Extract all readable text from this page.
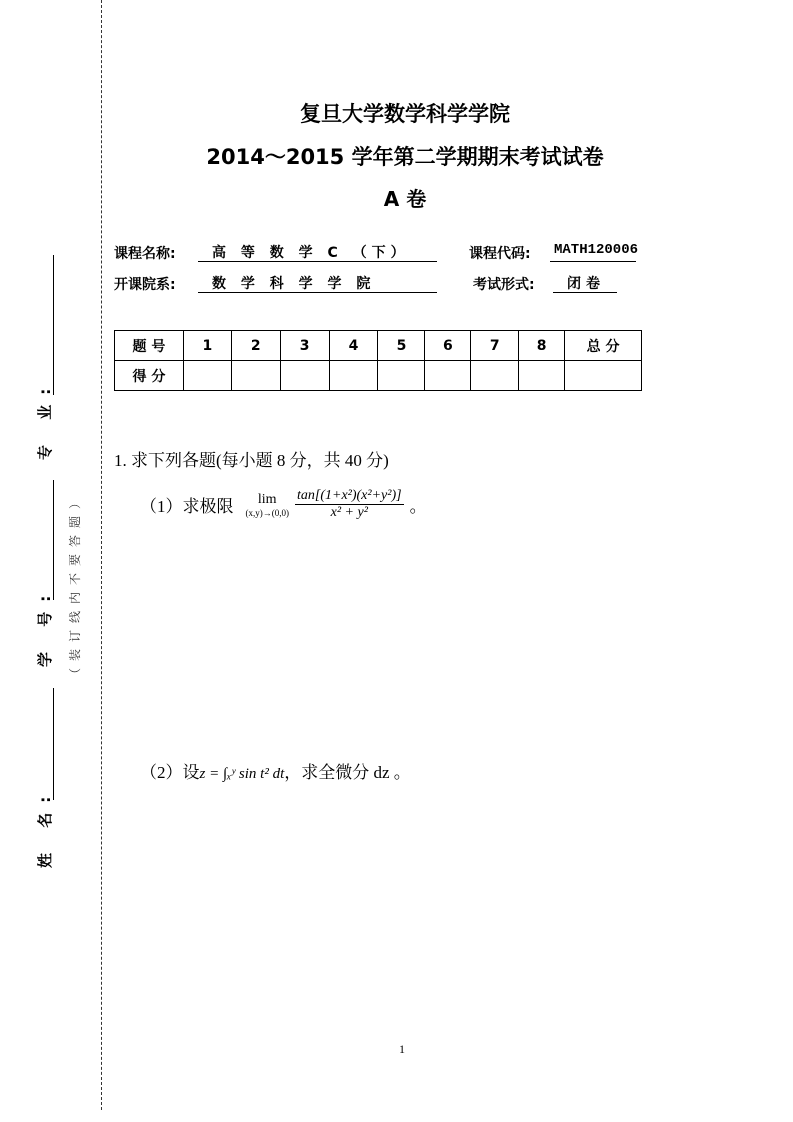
姓 名:
学 号:
专 业:
（装订线内不要答题）
复旦大学数学科学学院
2014～2015 学年第二学期期末考试试卷
A 卷
课程名称:	高 等 数 学 C （下）	课程代码: MATH120006
开课院系:	数 学 科 学 学 院	考试形式:	闭卷
题 号	1	2	3	4	5	6	7	8	总 分
得 分									
1. 求下列各题(每小题 8 分，共 40 分)
（1）求极限 lim
$(x,y)\to(0,0) \frac{\text{tan[(1+x²)(x²+y²)]}}{\text{x² + y²}}$ 。
（2）设z = ∫ₓʸ sin t² dt，求全微分 dz 。
1
